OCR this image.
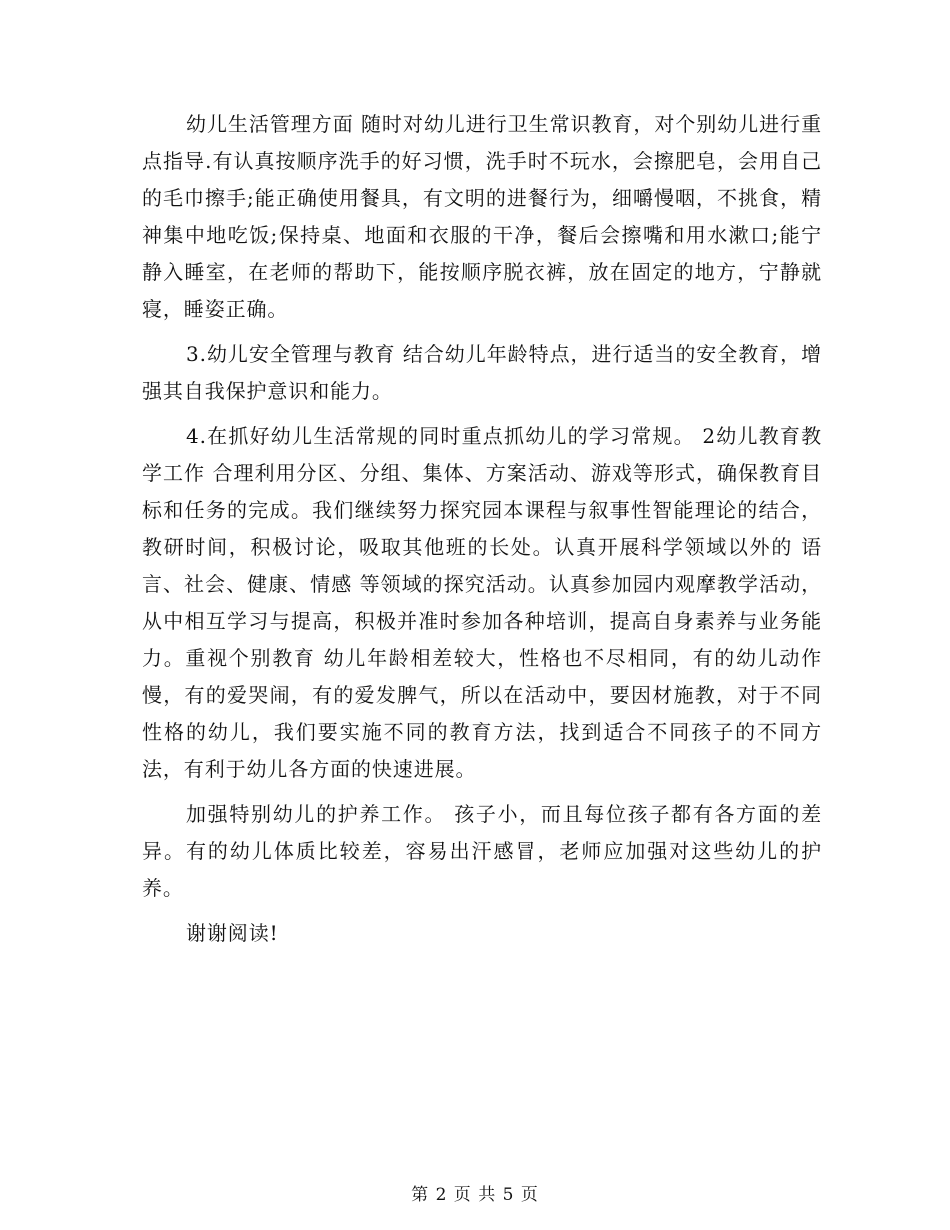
幼儿生活管理方面 随时对幼儿进行卫生常识教育，对个别幼儿进行重点指导.有认真按顺序洗手的好习惯，洗手时不玩水，会擦肥皂，会用自己的毛巾擦手;能正确使用餐具，有文明的进餐行为，细嚼慢咽，不挑食，精神集中地吃饭;保持桌、地面和衣服的干净，餐后会擦嘴和用水漱口;能宁静入睡室，在老师的帮助下，能按顺序脱衣裤，放在固定的地方，宁静就寝，睡姿正确。

3.幼儿安全管理与教育 结合幼儿年龄特点，进行适当的安全教育，增强其自我保护意识和能力。

4.在抓好幼儿生活常规的同时重点抓幼儿的学习常规。 2幼儿教育教学工作 合理利用分区、分组、集体、方案活动、游戏等形式，确保教育目标和任务的完成。我们继续努力探究园本课程与叙事性智能理论的结合，教研时间，积极讨论，吸取其他班的长处。认真开展科学领域以外的 语言、社会、健康、情感 等领域的探究活动。认真参加园内观摩教学活动，从中相互学习与提高，积极并准时参加各种培训，提高自身素养与业务能力。重视个别教育 幼儿年龄相差较大，性格也不尽相同，有的幼儿动作慢，有的爱哭闹，有的爱发脾气，所以在活动中，要因材施教，对于不同性格的幼儿，我们要实施不同的教育方法，找到适合不同孩子的不同方法，有利于幼儿各方面的快速进展。

加强特别幼儿的护养工作。 孩子小，而且每位孩子都有各方面的差异。有的幼儿体质比较差，容易出汗感冒，老师应加强对这些幼儿的护养。

谢谢阅读!

第 2 页 共 5 页
